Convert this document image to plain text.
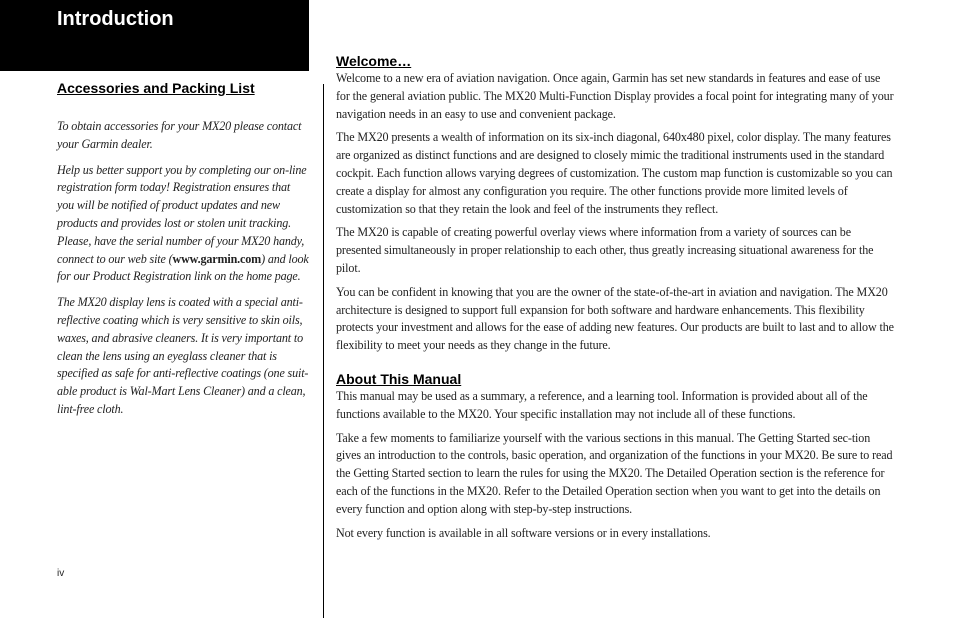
Introduction
Accessories and Packing List

To obtain accessories for your MX20 please contact your Garmin dealer.

Help us better support you by completing our on-line registration form today! Registration ensures that you will be notified of product updates and new products and provides lost or stolen unit tracking. Please, have the serial number of your MX20 handy, connect to our web site (www.garmin.com) and look for our Product Registration link on the home page.

The MX20 display lens is coated with a special anti-reflective coating which is very sensitive to skin oils, waxes, and abrasive cleaners. It is very important to clean the lens using an eyeglass cleaner that is specified as safe for anti-reflective coatings (one suit-able product is Wal-Mart Lens Cleaner) and a clean, lint-free cloth.

Welcome…

Welcome to a new era of aviation navigation. Once again, Garmin has set new standards in features and ease of use for the general aviation public. The MX20 Multi-Function Display provides a focal point for integrating many of your navigation needs in an easy to use and convenient package.

The MX20 presents a wealth of information on its six-inch diagonal, 640x480 pixel, color display. The many features are organized as distinct functions and are designed to closely mimic the traditional instruments used in the standard cockpit. Each function allows varying degrees of customization. The custom map function is customizable so you can create a display for almost any configuration you require. The other functions provide more limited levels of customization so that they retain the look and feel of the instruments they reflect.

The MX20 is capable of creating powerful overlay views where information from a variety of sources can be presented simultaneously in proper relationship to each other, thus greatly increasing situational awareness for the pilot.

You can be confident in knowing that you are the owner of the state-of-the-art in aviation and navigation. The MX20 architecture is designed to support full expansion for both software and hardware enhancements. This flexibility protects your investment and allows for the ease of adding new features. Our products are built to last and to allow the flexibility to meet your needs as they change in the future.

About This Manual

This manual may be used as a summary, a reference, and a learning tool. Information is provided about all of the functions available to the MX20. Your specific installation may not include all of these functions.

Take a few moments to familiarize yourself with the various sections in this manual. The Getting Started sec-tion gives an introduction to the controls, basic operation, and organization of the functions in your MX20. Be sure to read the Getting Started section to learn the rules for using the MX20. The Detailed Operation section is the reference for each of the functions in the MX20. Refer to the Detailed Operation section when you want to get into the details on every function and option along with step-by-step instructions.

Not every function is available in all software versions or in every installations.

iv
